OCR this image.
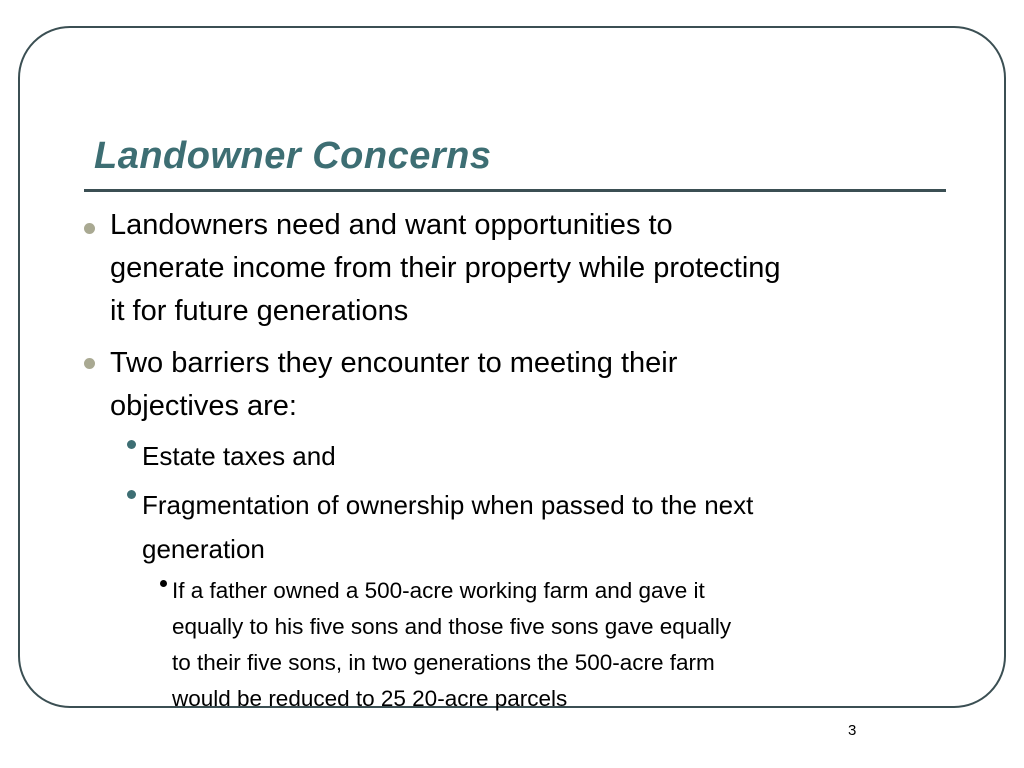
Landowner Concerns
Landowners need and want opportunities to
generate income from their property while protecting
it for future generations
Two barriers they encounter to meeting their
objectives are:
Estate taxes and
Fragmentation of ownership when passed to the next
generation
If a father owned a 500-acre working farm and gave it
equally to his five sons and those five sons gave equally
to their five sons, in two generations the 500-acre farm
would be reduced to 25 20-acre parcels
3
